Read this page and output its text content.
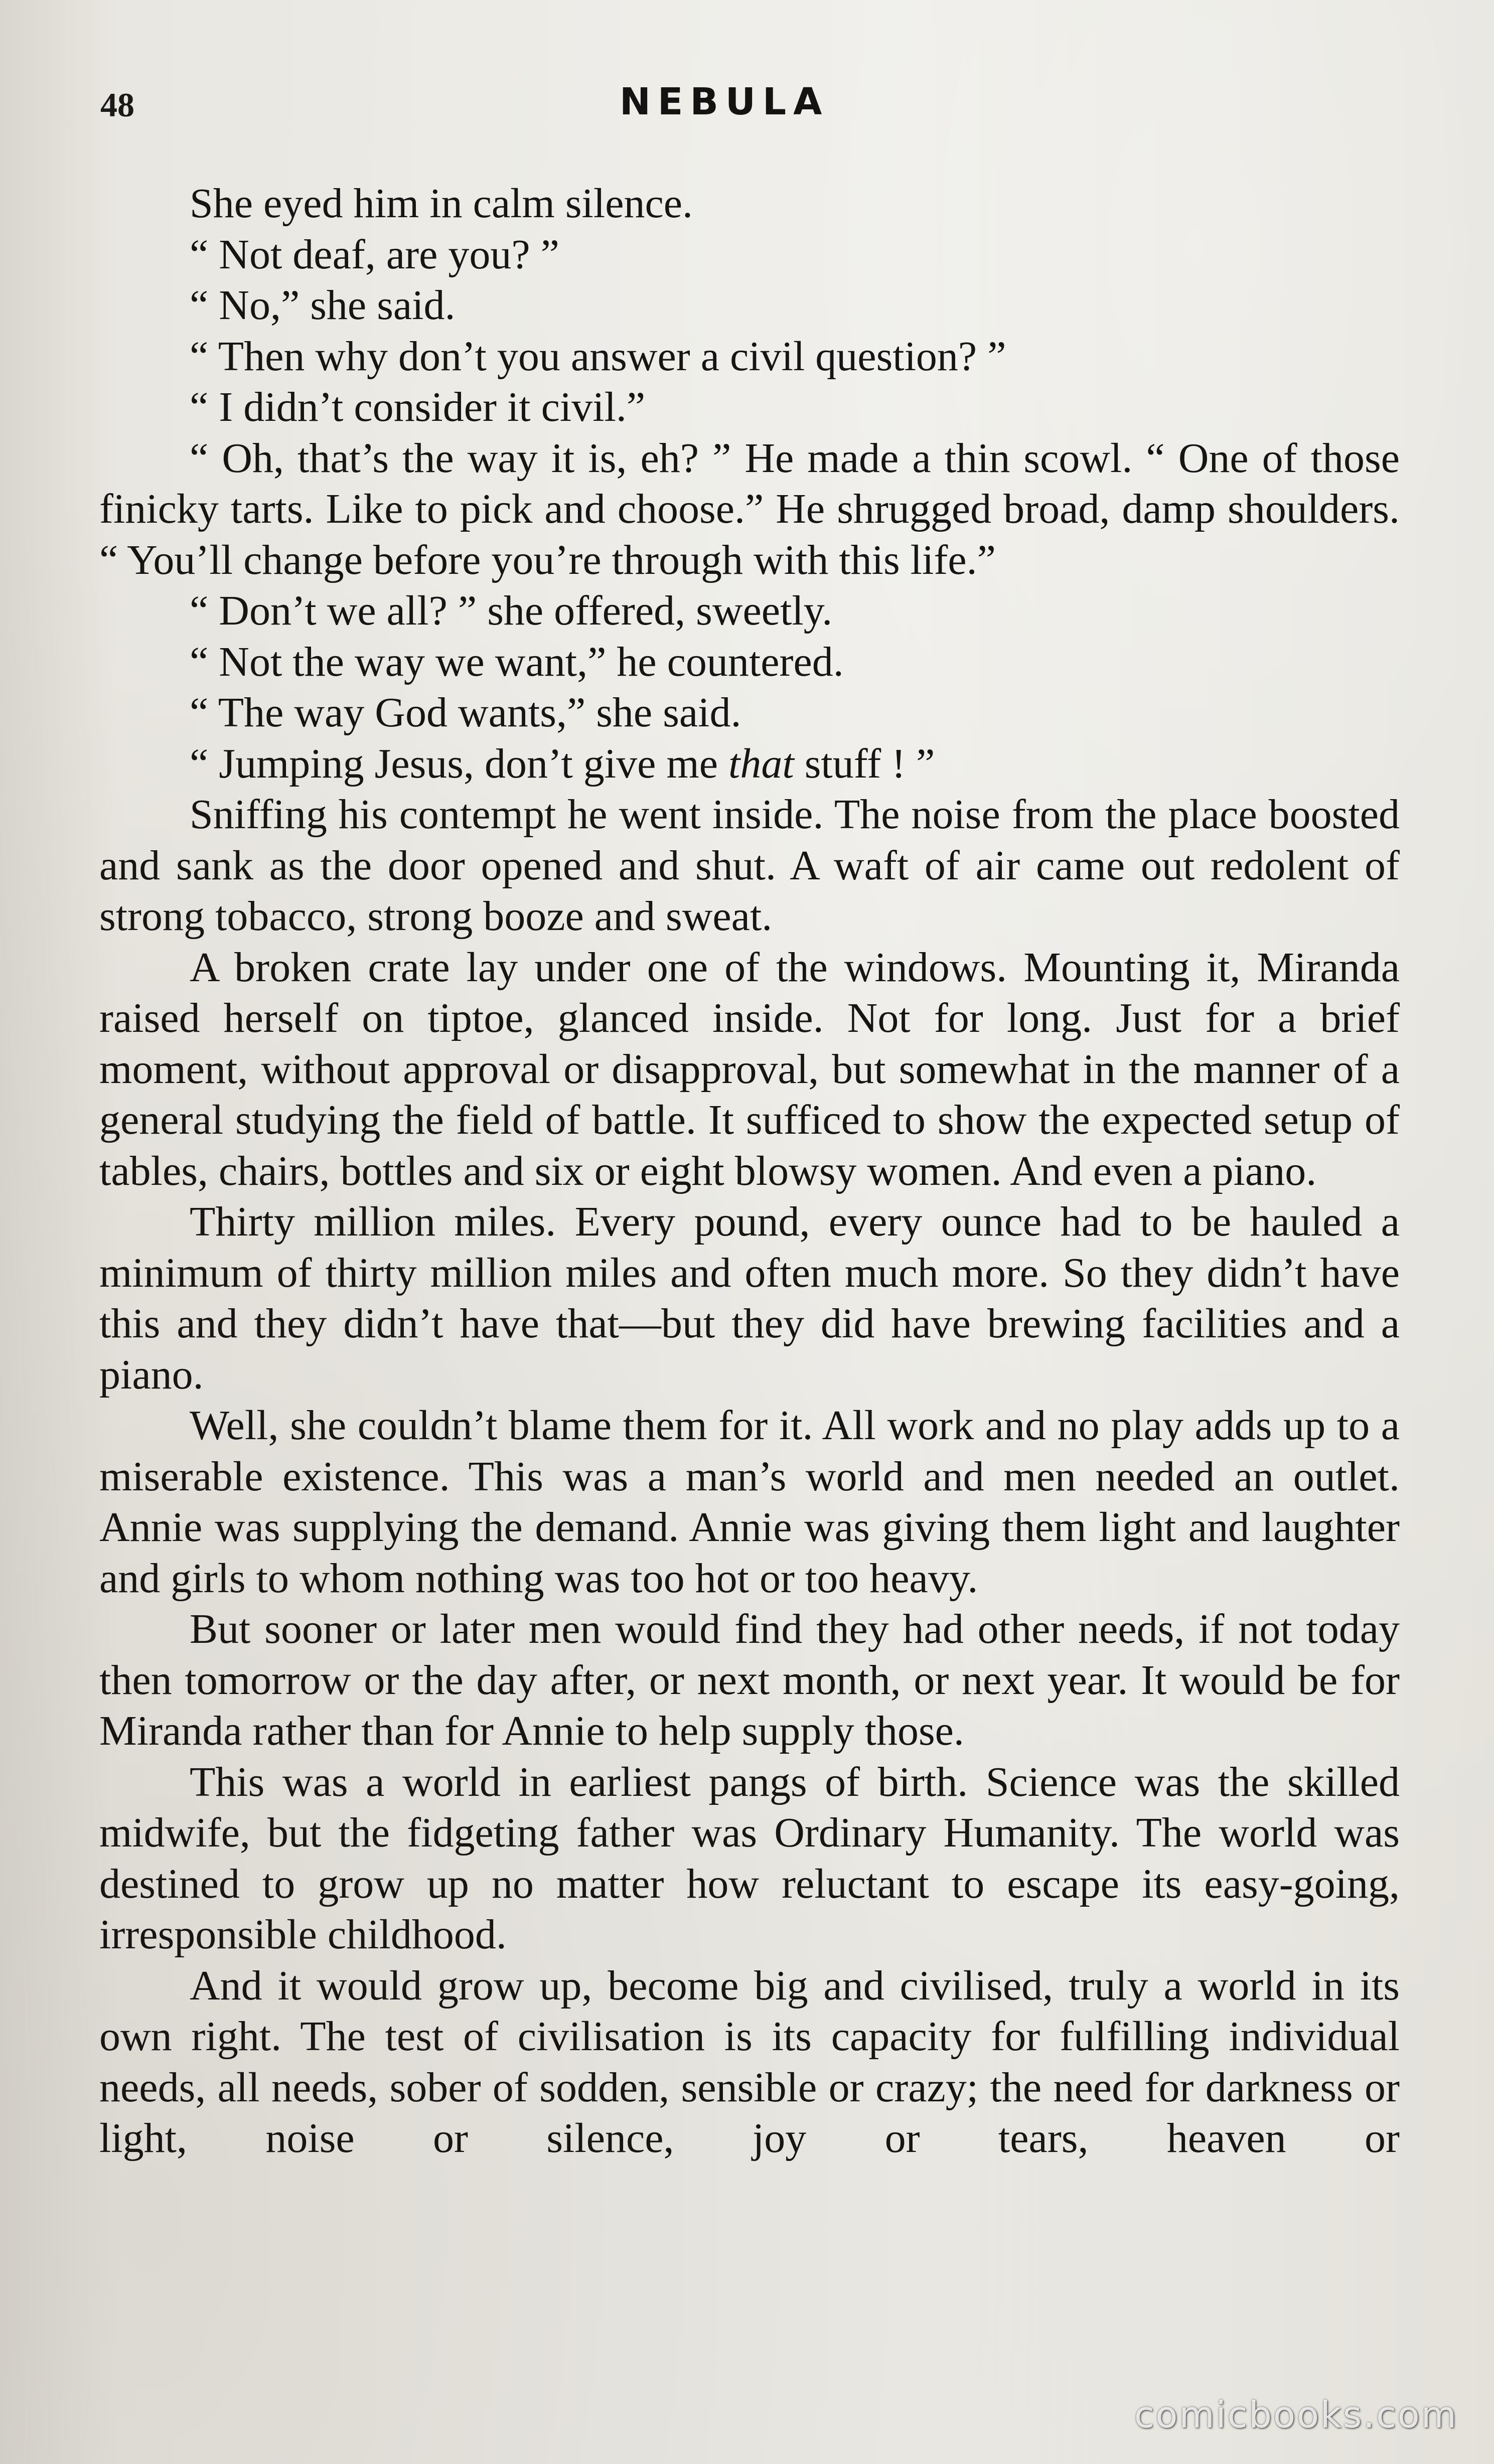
48	NEBULA

She eyed him in calm silence.

“ Not deaf, are you? ”

“ No,” she said.

“ Then why don’t you answer a civil question? ”

“ I didn’t consider it civil.”

“ Oh, that’s the way it is, eh? ” He made a thin scowl. “ One of those finicky tarts. Like to pick and choose.” He shrugged broad, damp shoulders. “ You’ll change before you’re through with this life.”

“ Don’t we all? ” she offered, sweetly.

“ Not the way we want,” he countered.

“ The way God wants,” she said.

“ Jumping Jesus, don’t give me that stuff ! ”

Sniffing his contempt he went inside. The noise from the place boosted and sank as the door opened and shut. A waft of air came out redolent of strong tobacco, strong booze and sweat.

A broken crate lay under one of the windows. Mounting it, Miranda raised herself on tiptoe, glanced inside. Not for long. Just for a brief moment, without approval or disapproval, but somewhat in the manner of a general studying the field of battle. It sufficed to show the expected setup of tables, chairs, bottles and six or eight blowsy women. And even a piano.

Thirty million miles. Every pound, every ounce had to be hauled a minimum of thirty million miles and often much more. So they didn’t have this and they didn’t have that—but they did have brewing facilities and a piano.

Well, she couldn’t blame them for it. All work and no play adds up to a miserable existence. This was a man’s world and men needed an outlet. Annie was supplying the demand. Annie was giving them light and laughter and girls to whom nothing was too hot or too heavy.

But sooner or later men would find they had other needs, if not today then tomorrow or the day after, or next month, or next year. It would be for Miranda rather than for Annie to help supply those.

This was a world in earliest pangs of birth. Science was the skilled midwife, but the fidgeting father was Ordinary Humanity. The world was destined to grow up no matter how reluctant to escape its easy-going, irresponsible childhood.

And it would grow up, become big and civilised, truly a world in its own right. The test of civilisation is its capacity for fulfilling individual needs, all needs, sober of sodden, sensible or crazy; the need for darkness or light, noise or silence, joy or tears, heaven or

comicbooks.com
